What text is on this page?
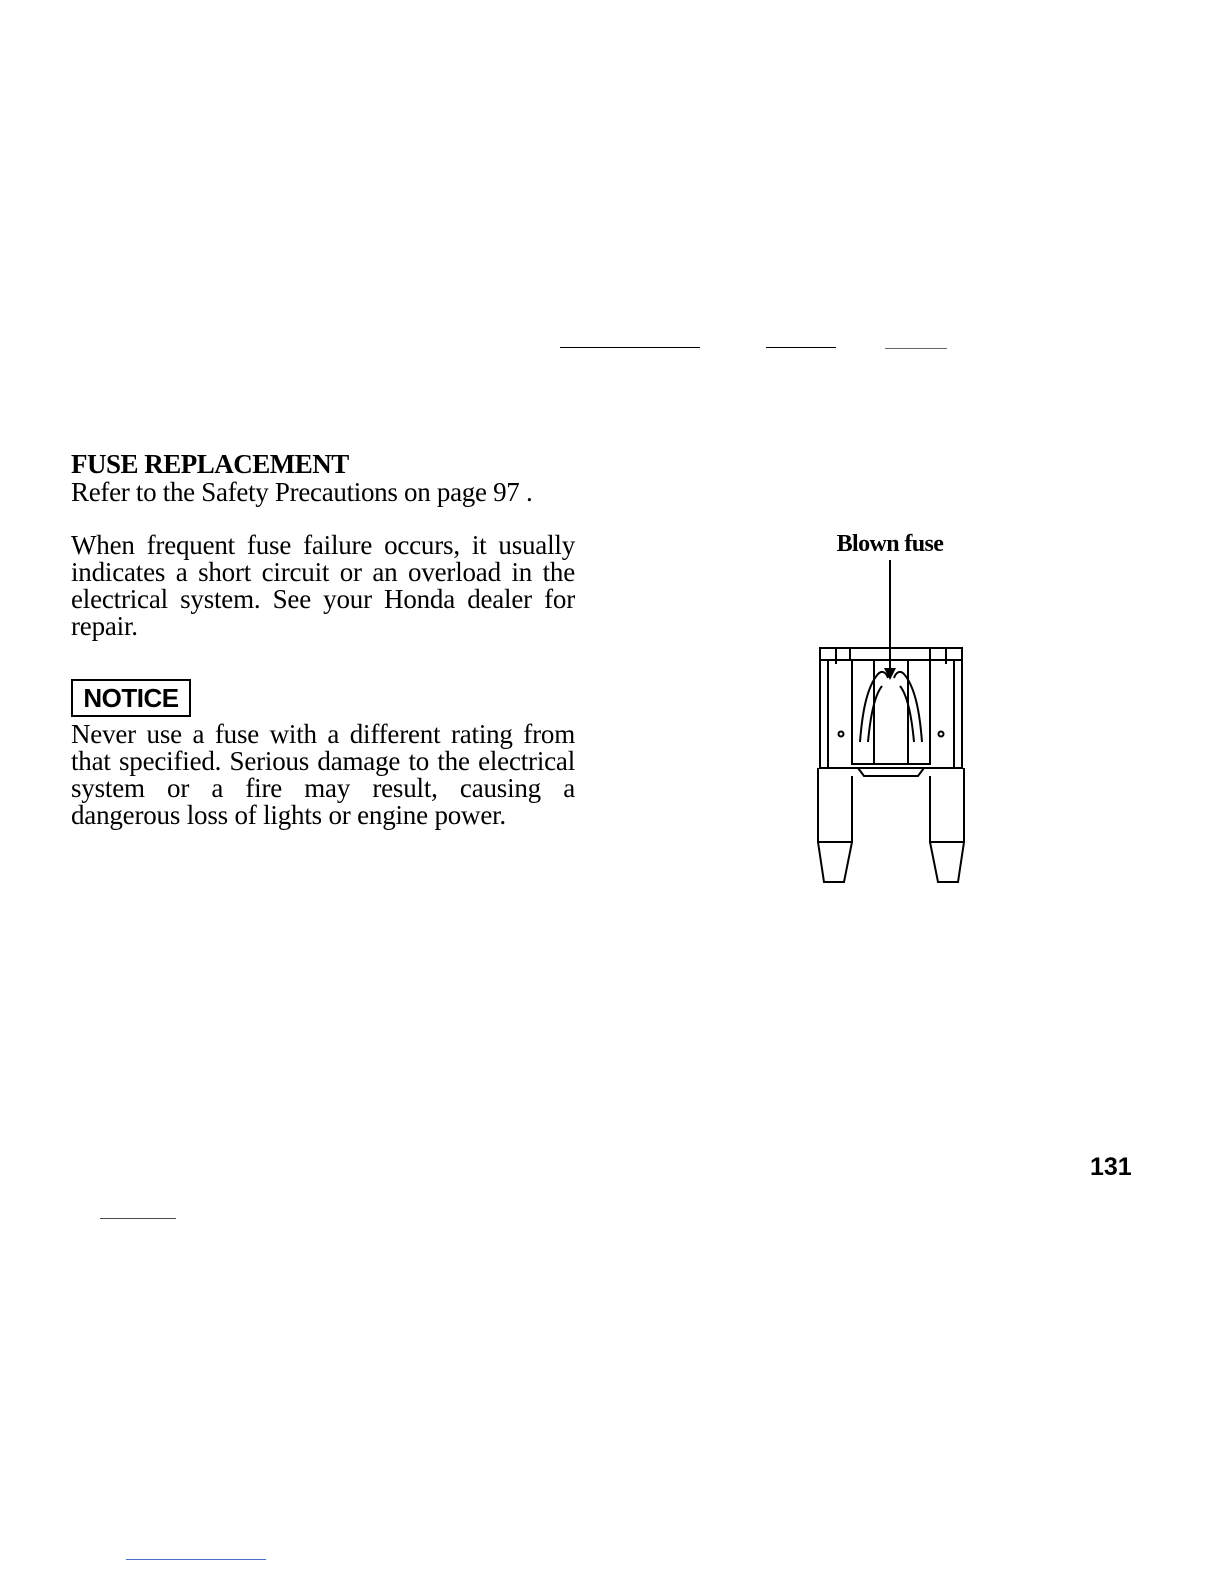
FUSE REPLACEMENT

Refer to the Safety Precautions on page 97 .

When frequent fuse failure occurs, it usually indicates a short circuit or an overload in the electrical system. See your Honda dealer for repair.

NOTICE

Never use a fuse with a different rating from that specified. Serious damage to the electrical system or a fire may result, causing a dangerous loss of lights or engine power.

Blown fuse

131
